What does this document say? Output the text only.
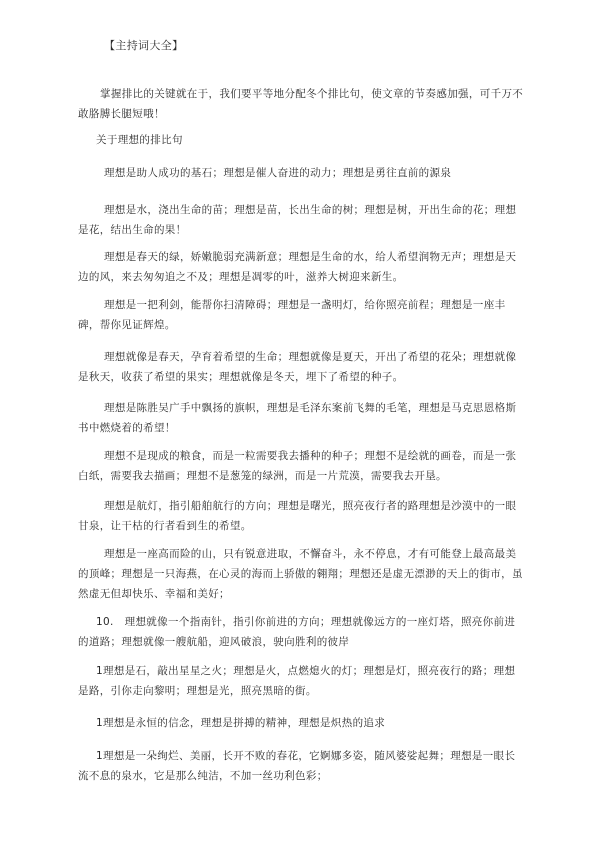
【主持词大全】
掌握排比的关键就在于，我们要平等地分配冬个排比句，使文章的节奏感加强，可千万不敢胳膊长腿短哦！
关于理想的排比句
理想是助人成功的基石；理想是催人奋进的动力；理想是勇往直前的源泉
理想是水，浇出生命的苗；理想是苗，长出生命的树；理想是树，开出生命的花；理想是花，结出生命的果！
理想是春天的绿，娇嫩脆弱充满新意；理想是生命的水，给人希望润物无声；理想是天边的风，来去匆匆追之不及；理想是凋零的叶，滋养大树迎来新生。
理想是一把利剑，能帮你扫清障碍；理想是一盏明灯，给你照亮前程；理想是一座丰碑，帮你见证辉煌。
理想就像是春天，孕育着希望的生命；理想就像是夏天，开出了希望的花朵；理想就像是秋天，收获了希望的果实；理想就像是冬天，埋下了希望的种子。
理想是陈胜吴广手中飘扬的旗帜，理想是毛泽东案前飞舞的毛笔，理想是马克思恩格斯书中燃烧着的希望！
理想不是现成的粮食，而是一粒需要我去播种的种子；理想不是绘就的画卷，而是一张白纸，需要我去描画；理想不是葱笼的绿洲，而是一片荒漠，需要我去开垦。
理想是航灯，指引船舶航行的方向；理想是曙光，照亮夜行者的路理想是沙漠中的一眼甘泉，让干枯的行者看到生的希望。
理想是一座高而险的山，只有锐意进取，不懈奋斗，永不停息，才有可能登上最高最美的顶峰；理想是一只海燕，在心灵的海而上骄傲的翱翔；理想还是虚无漂渺的天上的街市，虽然虚无但却快乐、幸福和美好；
10.　理想就像一个指南针，指引你前进的方向；理想就像远方的一座灯塔，照亮你前进的道路；理想就像一艘航船，迎风破浪，驶向胜利的彼岸
1理想是石，敲出星星之火；理想是火，点燃熄火的灯；理想是灯，照亮夜行的路；理想是路，引你走向黎明；理想是光，照亮黑暗的街。
1理想是永恒的信念，理想是拼搏的精神，理想是炽热的追求
1理想是一朵绚烂、美丽，长开不败的春花，它婀娜多姿，随风婆娑起舞；理想是一眼长流不息的泉水，它是那么纯洁，不加一丝功利色彩；
